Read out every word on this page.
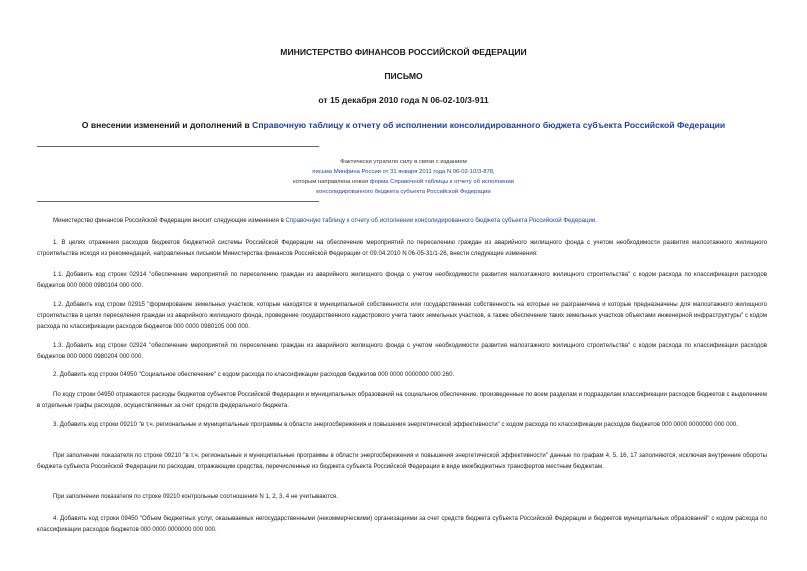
МИНИСТЕРСТВО ФИНАНСОВ РОССИЙСКОЙ ФЕДЕРАЦИИ
ПИСЬМО
от 15 декабря 2010 года N 06-02-10/3-911
О внесении изменений и дополнений в Справочную таблицу к отчету об исполнении консолидированного бюджета субъекта Российской Федерации
Фактически утратило силу в связи с изданием
письма Минфина России от 31 января 2011 года N 06-02-10/3-878,
которым направлена новая форма Справочной таблицы к отчету об исполнении
консолидированного бюджета субъекта Российской Федерации
Министерство финансов Российской Федерации вносит следующие изменения в Справочную таблицу к отчету об исполнении консолидированного бюджета субъекта Российской Федерации.
1. В целях отражения расходов бюджетов бюджетной системы Российской Федерации на обеспечение мероприятий по переселению граждан из аварийного жилищного фонда с учетом необходимости развития малоэтажного жилищного строительства исходя из рекомендаций, направленных письмом Министерства финансов Российской Федерации от 09.04.2010 N 06-05-31/1-26, внести следующие изменения:
1.1. Добавить код строки 02914 "обеспечение мероприятий по переселению граждан из аварийного жилищного фонда с учетом необходимости развития малоэтажного жилищного строительства" с кодом расхода по классификации расходов бюджетов 000 0000 0980104 000 000.
1.2. Добавить код строки 02915 "формирование земельных участков, которые находятся в муниципальной собственности или государственная собственность на которые не разграничена и которые предназначены для малоэтажного жилищного строительства в целях переселения граждан из аварийного жилищного фонда, проведение государственного кадастрового учета таких земельных участков, а также обеспечение таких земельных участков объектами инженерной инфраструктуры" с кодом расхода по классификации расходов бюджетов 000 0000 0980105 000 000.
1.3. Добавить код строки 02924 "обеспечение мероприятий по переселению граждан из аварийного жилищного фонда с учетом необходимости развития малоэтажного жилищного строительства" с кодом расхода по классификации расходов бюджетов 000 0000 0980204 000 000.
2. Добавить код строки 04950 "Социальное обеспечение" с кодом расхода по классификации расходов бюджетов 000 0000 0000000 000 260.
По коду строки 04950 отражаются расходы бюджетов субъектов Российской Федерации и муниципальных образований на социальное обеспечение, произведенные по всем разделам и подразделам классификации расходов бюджетов с выделением в отдельные графы расходов, осуществляемых за счет средств федерального бюджета.
3. Добавить код строки 09210 "в т.ч. региональные и муниципальные программы в области энергосбережения и повышения энергетической эффективности" с кодом расхода по классификации расходов бюджетов 000 0000 0000000 000 000.
При заполнении показателя по строке 09210 "в т.ч. региональные и муниципальные программы в области энергосбережения и повышения энергетической эффективности" данные по графам 4, 5, 16, 17 заполняются, исключая внутренние обороты бюджета субъекта Российской Федерации по расходам, отражающим средства, перечисленные из бюджета субъекта Российской Федерации в виде межбюджетных трансфертов местным бюджетам.
При заполнении показателя по строке 09210 контрольные соотношения N 1, 2, 3, 4 не учитываются.
4. Добавить код строки 09450 "Объем бюджетных услуг, оказываемых негосударственными (некоммерческими) организациями за счет средств бюджета субъекта Российской Федерации и бюджетов муниципальных образований" с кодом расхода по классификации расходов бюджетов 000 0000 0000000 000 000.
